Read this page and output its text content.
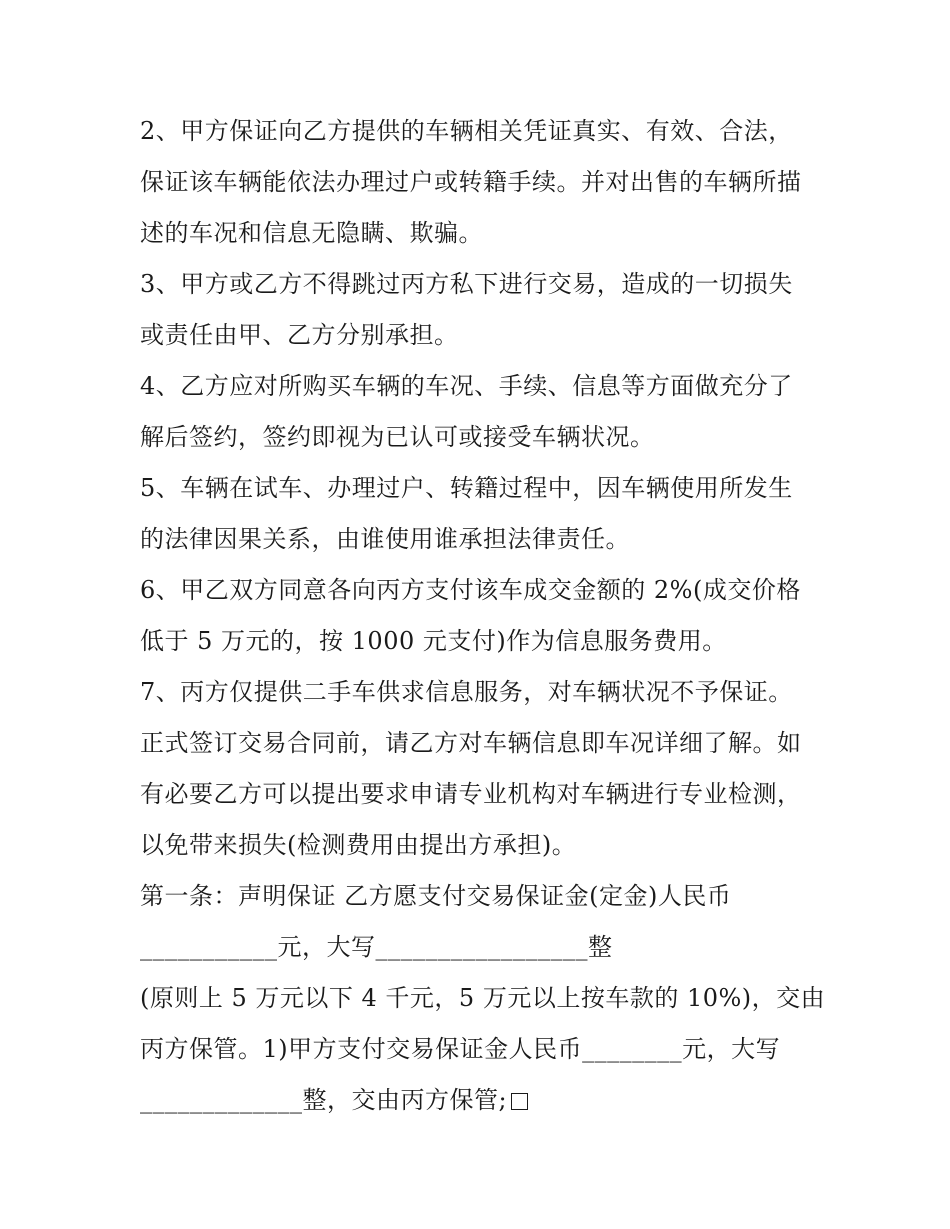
2、甲方保证向乙方提供的车辆相关凭证真实、有效、合法，
保证该车辆能依法办理过户或转籍手续。并对出售的车辆所描
述的车况和信息无隐瞒、欺骗。
3、甲方或乙方不得跳过丙方私下进行交易，造成的一切损失
或责任由甲、乙方分别承担。
4、乙方应对所购买车辆的车况、手续、信息等方面做充分了
解后签约，签约即视为已认可或接受车辆状况。
5、车辆在试车、办理过户、转籍过程中，因车辆使用所发生
的法律因果关系，由谁使用谁承担法律责任。
6、甲乙双方同意各向丙方支付该车成交金额的 2%(成交价格
低于 5 万元的，按 1000 元支付)作为信息服务费用。
7、丙方仅提供二手车供求信息服务，对车辆状况不予保证。
正式签订交易合同前，请乙方对车辆信息即车况详细了解。如
有必要乙方可以提出要求申请专业机构对车辆进行专业检测，
以免带来损失(检测费用由提出方承担)。
第一条：声明保证 乙方愿支付交易保证金(定金)人民币
___________元，大写_________________整
(原则上 5 万元以下 4 千元，5 万元以上按车款的 10%)，交由
丙方保管。1)甲方支付交易保证金人民币________元，大写
_____________整，交由丙方保管;
